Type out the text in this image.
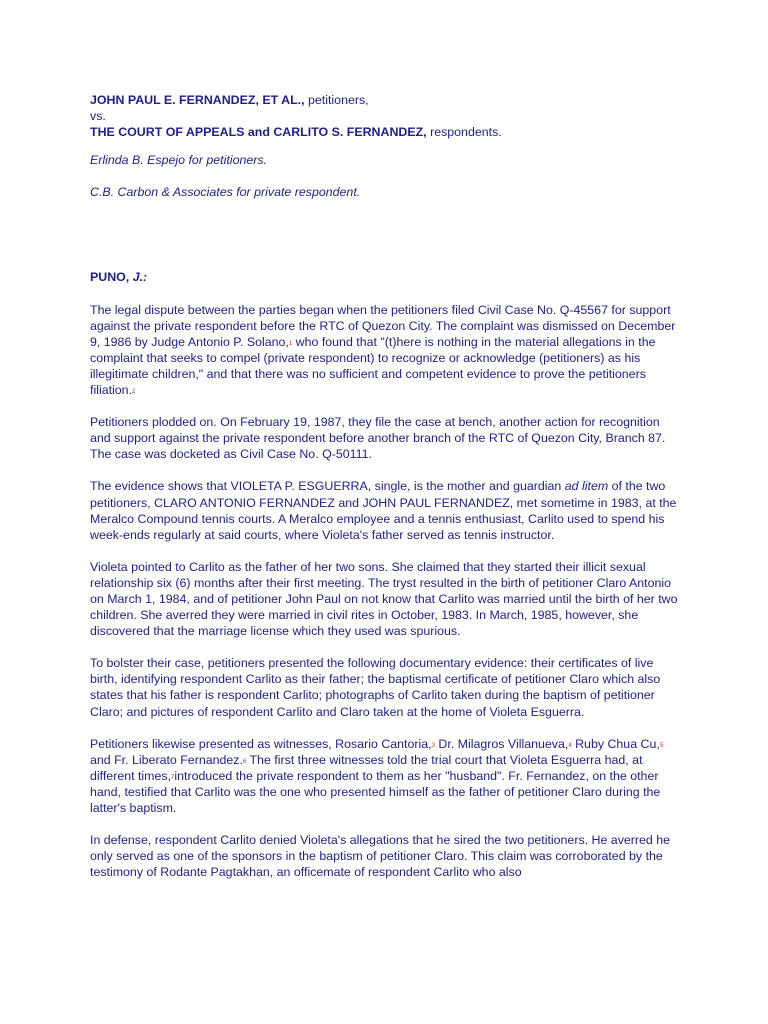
JOHN PAUL E. FERNANDEZ, ET AL., petitioners,

vs.

THE COURT OF APPEALS and CARLITO S. FERNANDEZ, respondents.

Erlinda B. Espejo for petitioners.

C.B. Carbon & Associates for private respondent.

PUNO, J.:

The legal dispute between the parties began when the petitioners filed Civil Case No. Q-45567 for support against the private respondent before the RTC of Quezon City. The complaint was dismissed on December 9, 1986 by Judge Antonio P. Solano,$^1$ who found that "(t)here is nothing in the material allegations in the complaint that seeks to compel (private respondent) to recognize or acknowledge (petitioners) as his illegitimate children," and that there was no sufficient and competent evidence to prove the petitioners filiation.$^2$

Petitioners plodded on. On February 19, 1987, they file the case at bench, another action for recognition and support against the private respondent before another branch of the RTC of Quezon City, Branch 87. The case was docketed as Civil Case No. Q-50111.

The evidence shows that VIOLETA P. ESGUERRA, single, is the mother and guardian ad litem of the two petitioners, CLARO ANTONIO FERNANDEZ and JOHN PAUL FERNANDEZ, met sometime in 1983, at the Meralco Compound tennis courts. A Meralco employee and a tennis enthusiast, Carlito used to spend his week-ends regularly at said courts, where Violeta's father served as tennis instructor.

Violeta pointed to Carlito as the father of her two sons. She claimed that they started their illicit sexual relationship six (6) months after their first meeting. The tryst resulted in the birth of petitioner Claro Antonio on March 1, 1984, and of petitioner John Paul on not know that Carlito was married until the birth of her two children. She averred they were married in civil rites in October, 1983. In March, 1985, however, she discovered that the marriage license which they used was spurious.

To bolster their case, petitioners presented the following documentary evidence: their certificates of live birth, identifying respondent Carlito as their father; the baptismal certificate of petitioner Claro which also states that his father is respondent Carlito; photographs of Carlito taken during the baptism of petitioner Claro; and pictures of respondent Carlito and Claro taken at the home of Violeta Esguerra.

Petitioners likewise presented as witnesses, Rosario Cantoria,$^3$ Dr. Milagros Villanueva,$^4$ Ruby Chua Cu,$^5$ and Fr. Liberato Fernandez.$^6$ The first three witnesses told the trial court that Violeta Esguerra had, at different times,$^7$introduced the private respondent to them as her "husband". Fr. Fernandez, on the other hand, testified that Carlito was the one who presented himself as the father of petitioner Claro during the latter's baptism.

In defense, respondent Carlito denied Violeta's allegations that he sired the two petitioners. He averred he only served as one of the sponsors in the baptism of petitioner Claro. This claim was corroborated by the testimony of Rodante Pagtakhan, an officemate of respondent Carlito who also
